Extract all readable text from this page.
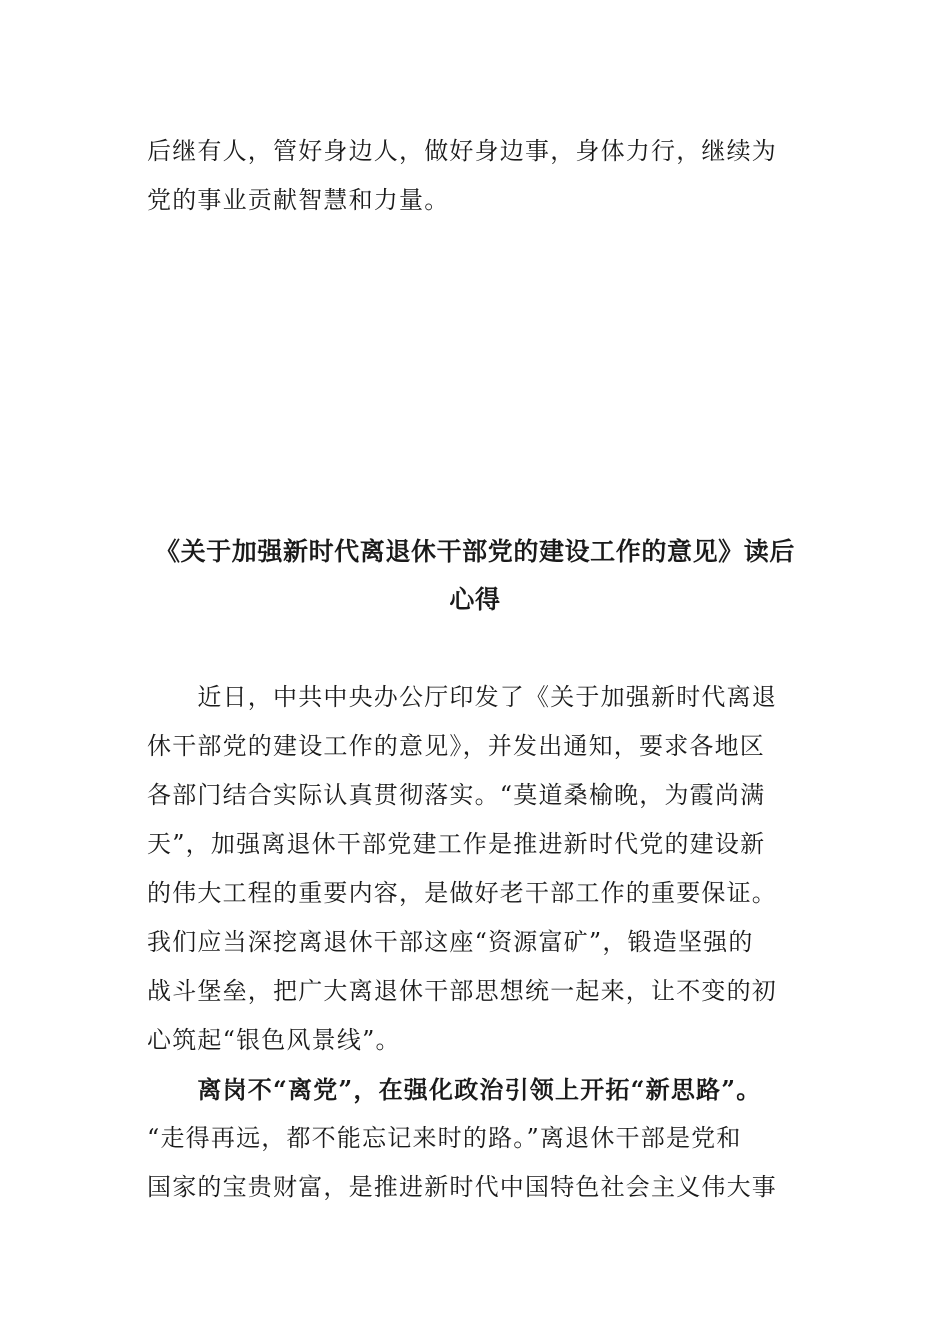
后继有人，管好身边人，做好身边事，身体力行，继续为
党的事业贡献智慧和力量。
《关于加强新时代离退休干部党的建设工作的意见》读后
心得
　　近日，中共中央办公厅印发了《关于加强新时代离退
休干部党的建设工作的意见》，并发出通知，要求各地区
各部门结合实际认真贯彻落实。“莫道桑榆晚，为霞尚满
天”，加强离退休干部党建工作是推进新时代党的建设新
的伟大工程的重要内容，是做好老干部工作的重要保证。
我们应当深挖离退休干部这座“资源富矿”，锻造坚强的
战斗堡垒，把广大离退休干部思想统一起来，让不变的初
心筑起“银色风景线”。
　　离岗不“离党”，在强化政治引领上开拓“新思路”。
“走得再远，都不能忘记来时的路。”离退休干部是党和
国家的宝贵财富，是推进新时代中国特色社会主义伟大事
